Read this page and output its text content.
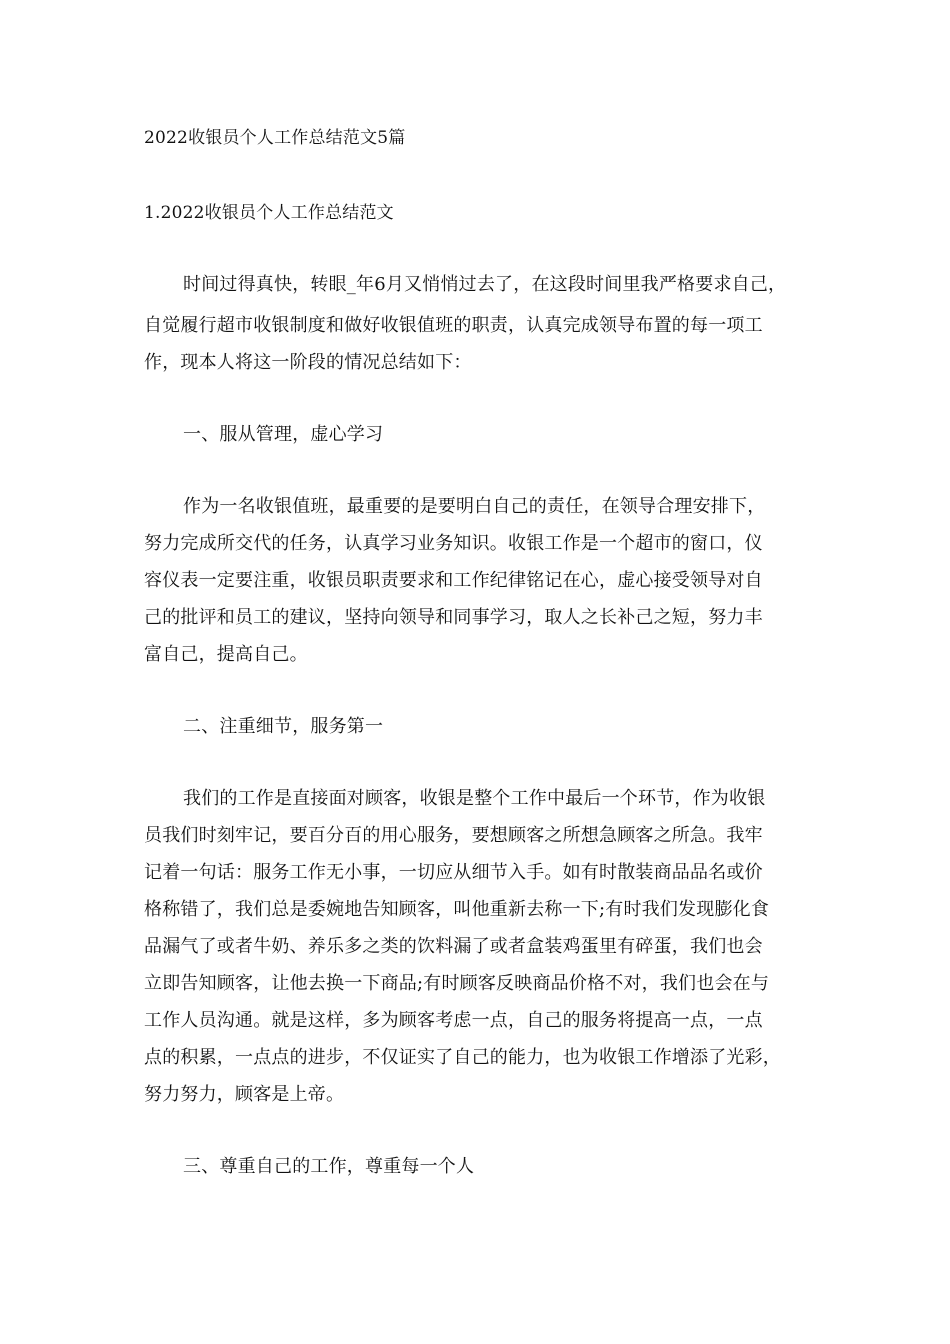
2022收银员个人工作总结范文5篇
1.2022收银员个人工作总结范文
时间过得真快，转眼_年6月又悄悄过去了，在这段时间里我严格要求自己，
自觉履行超市收银制度和做好收银值班的职责，认真完成领导布置的每一项工
作，现本人将这一阶段的情况总结如下：
一、服从管理，虚心学习
作为一名收银值班，最重要的是要明白自己的责任，在领导合理安排下，
努力完成所交代的任务，认真学习业务知识。收银工作是一个超市的窗口，仪
容仪表一定要注重，收银员职责要求和工作纪律铭记在心，虚心接受领导对自
己的批评和员工的建议，坚持向领导和同事学习，取人之长补己之短，努力丰
富自己，提高自己。
二、注重细节，服务第一
我们的工作是直接面对顾客，收银是整个工作中最后一个环节，作为收银
员我们时刻牢记，要百分百的用心服务，要想顾客之所想急顾客之所急。我牢
记着一句话：服务工作无小事，一切应从细节入手。如有时散装商品品名或价
格称错了，我们总是委婉地告知顾客，叫他重新去称一下;有时我们发现膨化食
品漏气了或者牛奶、养乐多之类的饮料漏了或者盒装鸡蛋里有碎蛋，我们也会
立即告知顾客，让他去换一下商品;有时顾客反映商品价格不对，我们也会在与
工作人员沟通。就是这样，多为顾客考虑一点，自己的服务将提高一点，一点
点的积累，一点点的进步，不仅证实了自己的能力，也为收银工作增添了光彩，
努力努力，顾客是上帝。
三、尊重自己的工作，尊重每一个人
